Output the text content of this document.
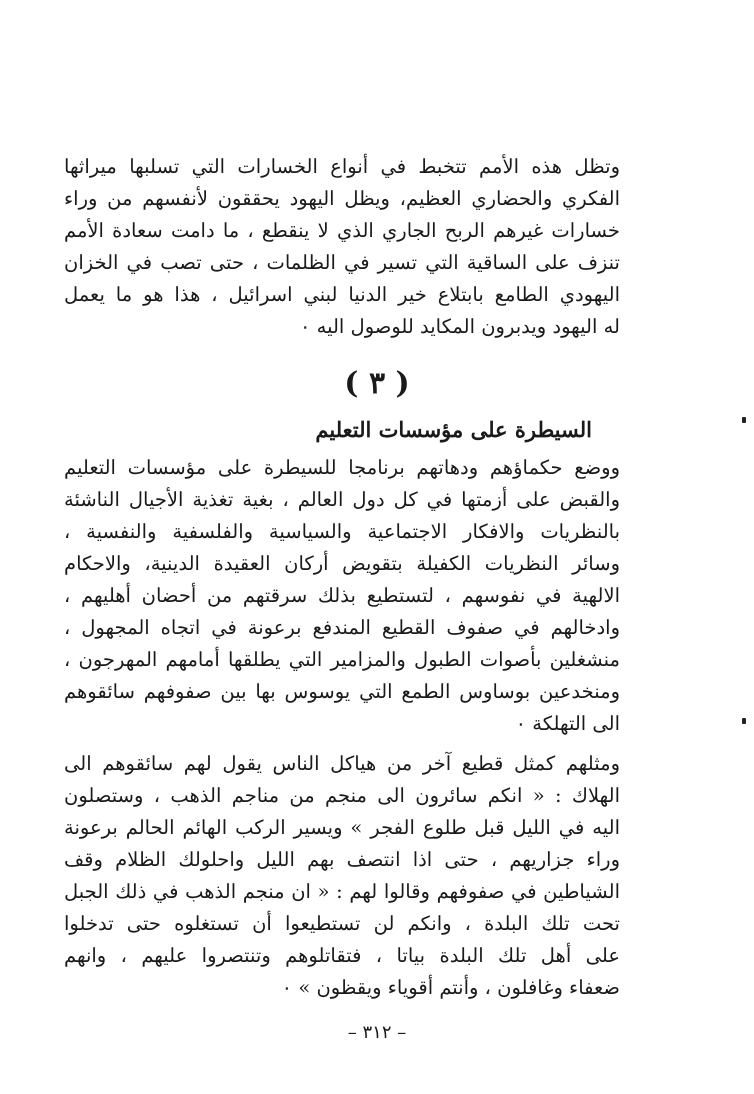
وتظل هذه الأمم تتخبط في أنواع الخسارات التي تسلبها ميراثها
الفكري والحضاري العظيم، ويظل اليهود يحققون لأنفسهم من وراء
خسارات غيرهم الربح الجاري الذي لا ينقطع ، ما دامت سعادة الأمم
تنزف على الساقية التي تسير في الظلمات ، حتى تصب في الخزان
اليهودي الطامع بابتلاع خير الدنيا لبني اسرائيل ، هذا هو ما يعمل
له اليهود ويدبرون المكايد للوصول اليه ٠
( ٣ )
السيطرة على مؤسسات التعليم
ووضع حكماؤهم ودهاتهم برنامجا للسيطرة على مؤسسات التعليم
والقبض على أزمتها في كل دول العالم ، بغية تغذية الأجيال الناشئة
بالنظريات والافكار الاجتماعية والسياسية والفلسفية والنفسية ،
وسائر النظريات الكفيلة بتقويض أركان العقيدة الدينية، والاحكام
الالهية في نفوسهم ، لتستطيع بذلك سرقتهم من أحضان أهليهم ،
وادخالهم في صفوف القطيع المندفع برعونة في اتجاه المجهول ،
منشغلين بأصوات الطبول والمزامير التي يطلقها أمامهم المهرجون ،
ومنخدعين بوساوس الطمع التي يوسوس بها بين صفوفهم سائقوهم
الى التهلكة ٠
ومثلهم كمثل قطيع آخر من هياكل الناس يقول لهم سائقوهم الى
الهلاك : « انكم سائرون الى منجم من مناجم الذهب ، وستصلون
اليه في الليل قبل طلوع الفجر » ويسير الركب الهائم الحالم برعونة
وراء جزاريهم ، حتى اذا انتصف بهم الليل واحلولك الظلام وقف
الشياطين في صفوفهم وقالوا لهم : « ان منجم الذهب في ذلك الجبل
تحت تلك البلدة ، وانكم لن تستطيعوا أن تستغلوه حتى تدخلوا
على أهل تلك البلدة بياتا ، فتقاتلوهم وتنتصروا عليهم ، وانهم
ضعفاء وغافلون ، وأنتم أقوياء ويقظون » ٠
– ٣١٢ –
